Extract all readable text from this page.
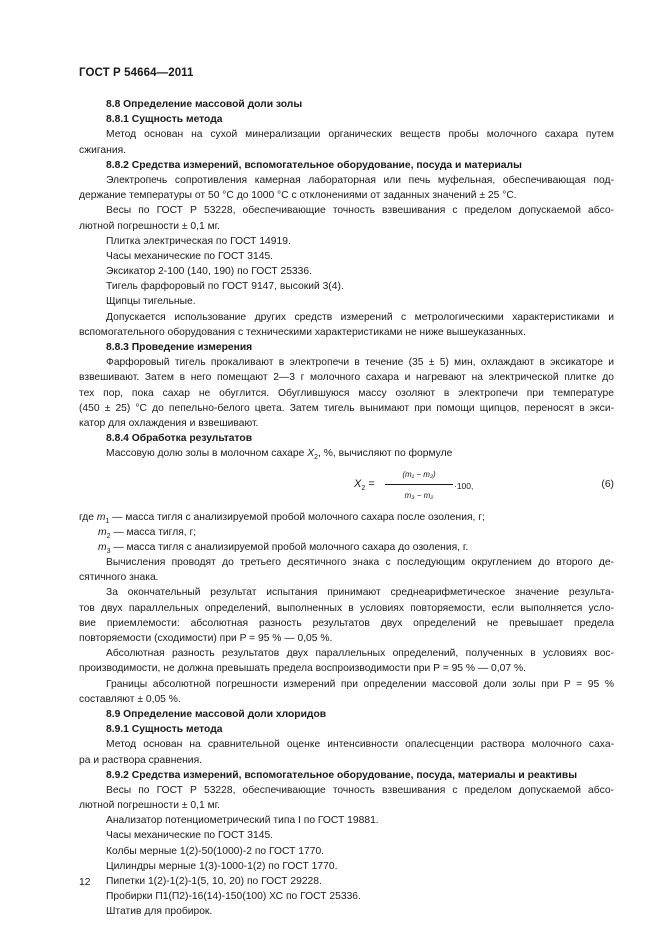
ГОСТ Р 54664—2011
8.8 Определение массовой доли золы
8.8.1 Сущность метода
Метод основан на сухой минерализации органических веществ пробы молочного сахара путем
сжигания.
8.8.2 Средства измерений, вспомогательное оборудование, посуда и материалы
Электропечь сопротивления камерная лабораторная или печь муфельная, обеспечивающая под-
держание температуры от 50 °С до 1000 °С с отклонениями от заданных значений ± 25 °С.
Весы по ГОСТ Р 53228, обеспечивающие точность взвешивания с пределом допускаемой абсо-
лютной погрешности ± 0,1 мг.
Плитка электрическая по ГОСТ 14919.
Часы механические по ГОСТ 3145.
Эксикатор 2-100 (140, 190) по ГОСТ 25336.
Тигель фарфоровый по ГОСТ 9147, высокий 3(4).
Щипцы тигельные.
Допускается использование других средств измерений с метрологическими характеристиками и
вспомогательного оборудования с техническими характеристиками не ниже вышеуказанных.
8.8.3 Проведение измерения
Фарфоровый тигель прокаливают в электропечи в течение (35 ± 5) мин, охлаждают в эксикаторе и
взвешивают. Затем в него помещают 2—3 г молочного сахара и нагревают на электрической плитке до
тех пор, пока сахар не обуглится. Обуглившуюся массу озоляют в электропечи при температуре
(450 ± 25) °С до пепельно-белого цвета. Затем тигель вынимают при помощи щипцов, переносят в экси-
катор для охлаждения и взвешивают.
8.8.4 Обработка результатов
Массовую долю золы в молочном сахаре $X_2$, %, вычисляют по формуле
$X_2 = \frac{\text{(m₁ − m₂)}}{\text{m₃ − m₂}} \cdot 100$,	(6)
где $m_1$ — масса тигля с анализируемой пробой молочного сахара после озоления, г;
$m_2$ — масса тигля, г;
$m_3$ — масса тигля с анализируемой пробой молочного сахара до озоления, г.
Вычисления проводят до третьего десятичного знака с последующим округлением до второго де-
сятичного знака.
За окончательный результат испытания принимают среднеарифметическое значение результа-
тов двух параллельных определений, выполненных в условиях повторяемости, если выполняется усло-
вие приемлемости: абсолютная разность результатов двух определений не превышает предела
повторяемости (сходимости) при P = 95 % — 0,05 %.
Абсолютная разность результатов двух параллельных определений, полученных в условиях вос-
производимости, не должна превышать предела воспроизводимости при P = 95 % — 0,07 %.
Границы абсолютной погрешности измерений при определении массовой доли золы при P = 95 %
составляют ± 0,05 %.
8.9 Определение массовой доли хлоридов
8.9.1 Сущность метода
Метод основан на сравнительной оценке интенсивности опалесценции раствора молочного саха-
ра и раствора сравнения.
8.9.2 Средства измерений, вспомогательное оборудование, посуда, материалы и реактивы
Весы по ГОСТ Р 53228, обеспечивающие точность взвешивания с пределом допускаемой абсо-
лютной погрешности ± 0,1 мг.
Анализатор потенциометрический типа I по ГОСТ 19881.
Часы механические по ГОСТ 3145.
Колбы мерные 1(2)-50(1000)-2 по ГОСТ 1770.
Цилиндры мерные 1(3)-1000-1(2) по ГОСТ 1770.
Пипетки 1(2)-1(2)-1(5, 10, 20) по ГОСТ 29228.
Пробирки П1(П2)-16(14)-150(100) ХС по ГОСТ 25336.
Штатив для пробирок.
12
